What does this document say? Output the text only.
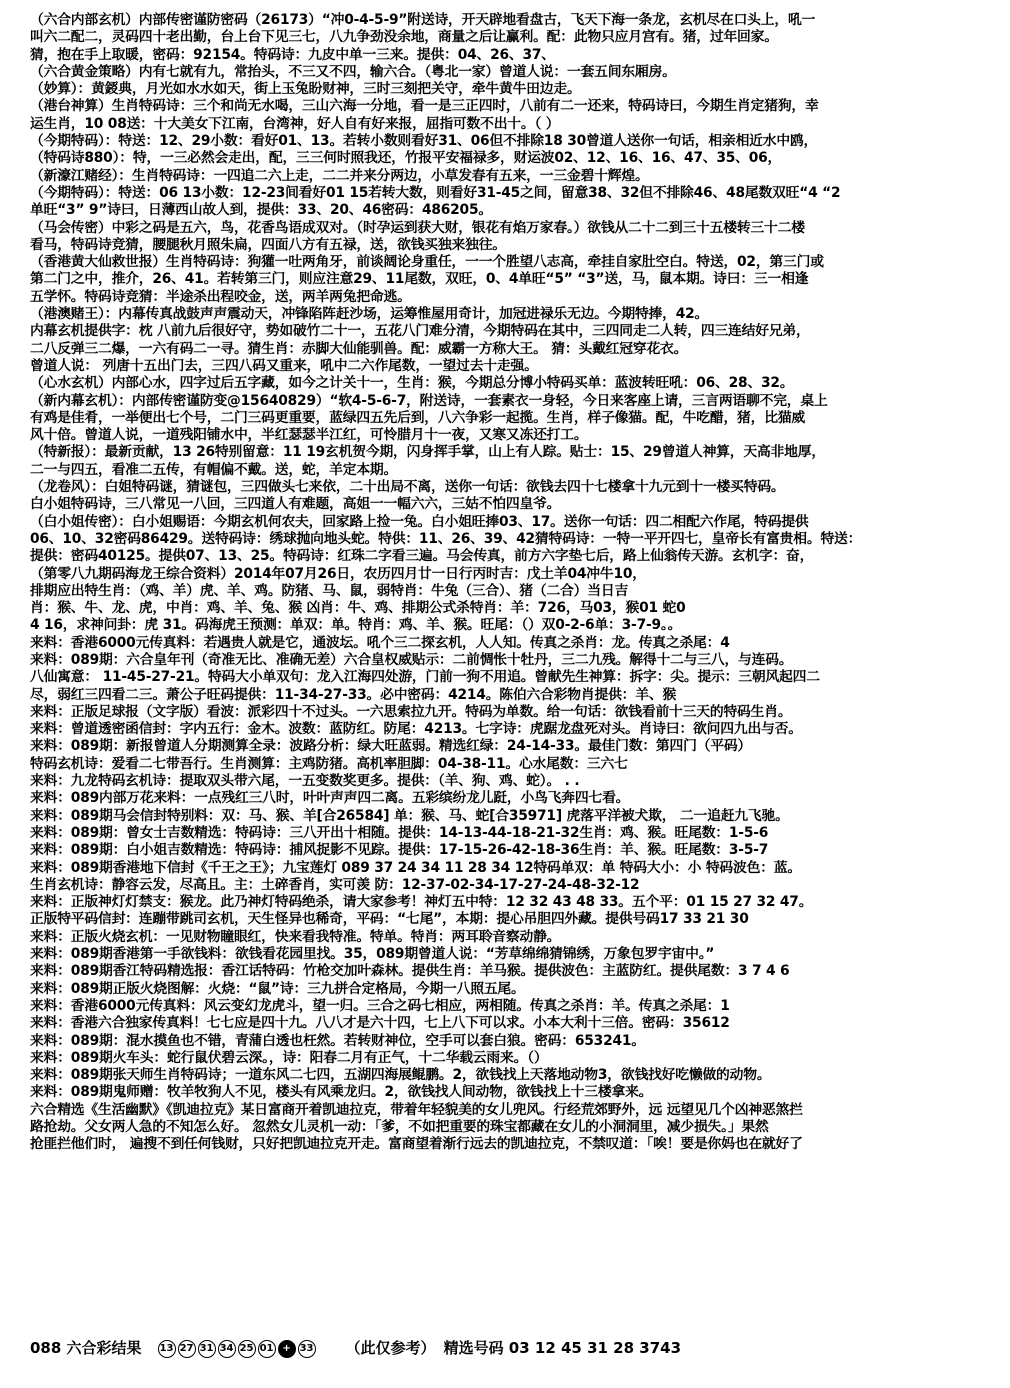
（六合内部玄机）内部传密谨防密码（26173）“冲0-4-5-9”附送诗，开天辟地看盘古，飞天下海一条龙，玄机尽在口头上，吼一
叫六二配二，灵码四十老出勤，台上台下见三七，八九争劲没余地，商量之后让赢利。配：此物只应月宫有。猪，过年回家。
猜，抱在手上取暖，密码：92154。特码诗：九皮中单一三来。提供：04、26、37、
（六合黄金策略）内有七就有九，常抬头，不三又不四，输六合。（粤北一家）曾道人说：一套五间东厢房。
（妙算）：黄鋄典，月光如水水如天，街上玉兔盼财神，三时三刻把关守，牵牛黄牛田边走。
（港台神算）生肖特码诗：三个和尚无水喝，三山六海一分地，看一是三正四时，八前有二一还来，特码诗曰，今期生肖定猪狗，幸
运生肖，10 08送：十大美女下江南，台湾神，好人自有好来报，屈指可数不出十。（ ）
（今期特码）：特送：12、29小数：看好01、13。若转小数则看好31、06但不排除18 30曾道人送你一句话，相亲相近水中鸥，
（特码诗880）：特，一三必然会走出，配，三三何时照我还，竹报平安福禄多，财运波02、12、16、16、47、35、06，
（新濠江赌经）：生肖特码诗：一四追二六上走，二二并来分两边，小草发春有五来，一三金碧十辉煌。
（今期特码）：特送：06 13小数：12-23间看好01 15若转大数，则看好31-45之间，留意38、32但不排除46、48尾数双旺“4 “2
单旺“3” 9”诗曰，日薄西山故人到，提供：33、20、46密码：486205。
（马会传密）中彩之码是五六，鸟，花香鸟语成双对。（时孕运到获大财，银花有焰万家春。）欲钱从二十二到三十五楼转三十二楼
看马，特码诗竞猜，腰腿秋月照朱扁，四面八方有五禄，送，欲钱买独来独往。
（香港黄大仙救世报）生肖特码诗：狗獾一吐两角牙，前谈阔论身重任，一一个胜望八志高，牵挂自家肚空白。特送，02，第三门或
第二门之中，推介，26、41。若转第三门，则应注意29、11尾数，双旺，0、4单旺“5” “3”送，马，鼠本期。诗曰：三一相逢
五学怀。特码诗竞猜：半途杀出程咬金，送，两羊两兔把命逃。
（港澳赌王）：内幕传真战鼓声声震动天，冲锋陷阵赶沙场，运筹惟屋用奇计，加冠进禄乐无边。今期特捧，42。
内幕玄机提供字：枕 八前九后很好守，势如破竹二十一，五花八门难分清，今期特码在其中，三四同走二人转，四三连结好兄弟，
二八反弹三二爆，一六有码二一寻。猜生肖：赤脚大仙能驯兽。配：威霸一方称大王。 猜：头戴红冠穿花衣。
曾道人说： 列唐十五出门去，三四八码又重来，吼中二六作尾数，一望过去十走强。
（心水玄机）内部心水，四字过后五字藏，如今之计关十一，生肖：猴，今期总分博小特码买单：蓝波转旺吼：06、28、32。
（新内幕玄机）：内部传密谨防变@15640829）“软4-5-6-7，附送诗，一套素衣一身轻，今日来客座上请，三言两语聊不完，桌上
有鸡是佳肴，一举便出七个号，二门三码更重要，蓝绿四五先后到，八六争彩一起揽。生肖，样子像猫。配，牛吃醋，猪，比猫威
风十倍。曾道人说，一道残阳铺水中，半红瑟瑟半江红，可怜腊月十一夜，又寒又冻还打工。
（特新报）：最新贡献，13 26特别留意：11 19玄机贺今期，闪身挥手掌，山上有人踪。贴士：15、29曾道人神算，天高非地厚，
二一与四五，看准二五传，有帽偏不戴。送，蛇，羊定本期。
（龙卷风）：白姐特码谜，猜谜包，三四做头七来依，二十出局不离，送你一句话：欲钱去四十七楼拿十九元到十一楼买特码。
白小姐特码诗，三八常见一八回，三四道人有难题，高姐一一幅六六，三姑不怕四皇爷。
（白小姐传密）：白小姐赐语：今期玄机何农夫，回家路上捡一兔。白小姐旺捧03、17。送你一句话：四二相配六作尾，特码提供
06、10、32密码86429。送特码诗：绣球抛向地头蛇。特供：11、26、39、42猜特码诗：一特一平开四七，皇帝长有富贵相。特送：
提供：密码40125。提供07、13、25。特码诗：红珠二字看三遍。马会传真，前方六字垫七后，路上仙翁传天游。玄机字：奋，
（第零八九期码海龙王综合资料）2014年07月26日，农历四月廿一日行丙时吉：戊土羊04冲牛10，
排期应出特生肖：（鸡、羊）虎、羊、鸡。防猪、马、鼠，弱特肖：牛兔（三合）、猪（二合）当日吉
肖：猴、牛、龙、虎，中肖：鸡、羊、兔、猴 凶肖：牛、鸡、排期公式杀特肖：羊：726，马03，猴01 蛇0
4 16，求神问卦：虎 31。码海虎王预测：单双：单。特肖：鸡、羊、猴。旺尾：（）双0-2-6单：3-7-9。。
来料：香港6000元传真料：若遇贵人就是它，通波坛。吼个三二探玄机，人人知。传真之杀肖：龙。传真之杀尾：4
来料：089期：六合皇年刊（奇准无比、准确无差）六合皇权威贴示：二前惆怅十牡丹，三二九残。解得十二与三八，与连码。
八仙寓意： 11-45-27-21。特码大小单双句：龙入江海四处游，门前一狗不用追。曾献先生神算：拆字：尖。提示：三朝风起四二
尽，弱红三四看二三。萧公子旺码提供：11-34-27-33。必中密码：4214。陈伯六合彩物肖提供：羊、猴
来料：正版足球报（文字版）看波：派彩四十不过头。一六思索拉九开。特码为单数。给一句话：欲钱看前十三天的特码生肖。
来料：曾道透密函信封：字内五行：金木。波数：蓝防红。防尾：4213。七字诗：虎踞龙盘死对头。肖诗曰：欲问四九出与否。
来料：089期：新报曾道人分期测算全录：波路分析：绿大旺蓝弱。精选红绿：24-14-33。最佳门数：第四门（平码）
特码玄机诗：爱看二七带吾行。生肖测算：主鸡防猪。高机率胆脚：04-38-11。心水尾数：三六七
来料：九龙特码玄机诗：提取双头带六尾，一五变数奖更多。提供：（羊、狗、鸡、蛇）。 . .
来料：089内部万花来料：一点残红三八时，叶叶声声四二离。五彩缤纷龙儿跹，小鸟飞奔四七看。
来料：089期马会信封特别料：双：马、猴、羊[合26584] 单：猴、马、蛇[合35971] 虎落平洋被犬欺， 二一追赶九飞驰。
来料：089期：曾女士吉数精选：特码诗：三八开出十相随。提供：14-13-44-18-21-32生肖：鸡、猴。旺尾数：1-5-6
来料：089期：白小姐吉数精选：特码诗：捕风捉影不见踪。提供：17-15-26-42-18-36生肖：羊、猴。旺尾数：3-5-7
来料：089期香港地下信封《千王之王》；九宝莲灯 089 37 24 34 11 28 34 12特码单双：单 特码大小：小 特码波色：蓝。
生肖玄机诗：静容云发，尽高且。主：土碎香肖，实可羡 防：12-37-02-34-17-27-24-48-32-12
来料：正版神灯灯禁支：猴龙。此乃神灯特码绝杀，请大家参考！神灯五中特：12 32 43 48 33。五个平：01 15 27 32 47。
正版特平码信封：连蹦带跳司玄机，天生怪异也稀奇，平码：“七尾”，本期：提心吊胆四外藏。提供号码17 33 21 30
来料：正版火烧玄机：一见财物瞳眼红，快来看我特准。特单。特肖：两耳聆音察动静。
来料：089期香港第一手欲钱料：欲钱看花园里找。35，089期曾道人说：“芳草绵绵猜锦绣，万象包罗宇宙中。”
来料：089期香江特码精选报：香江话特码：竹枪交加叶森林。提供生肖：羊马猴。提供波色：主蓝防红。提供尾数：3 7 4 6
来料：089期正版火烧图解：火烧：“鼠”诗：三九拼合定格局，今期一八照五尾。
来料：香港6000元传真料：风云变幻龙虎斗，望一归。三合之码七相应，两相随。传真之杀肖：羊。传真之杀尾：1
来料：香港六合独家传真料！七七应是四十九。八八才是六十四，七上八下可以求。小本大利十三倍。密码：35612
来料：089期：混水摸鱼也不错，青蒲白透也枉然。若转财神位，空手可以套白狼。密码：653241。
来料：089期火车头：蛇行鼠伏碧云深。，诗：阳春二月有正气，十二华载云雨来。（）
来料：089期张天师生肖特码诗；一道东风二七四，五湖四海展鲲鹏。2，欲钱找上天落地动物3，欲钱找好吃懒做的动物。
来料：089期鬼师赠：牧羊牧狗人不见，楼头有风乘龙归。2，欲钱找人间动物，欲钱找上十三楼拿来。
六合精选《生活幽默》《凯迪拉克》某日富商开着凯迪拉克，带着年轻貌美的女儿兜风。行经荒郊野外，远 远望见几个凶神恶煞拦
路抢劫。父女两人急的不知怎么好。 忽然女儿灵机一动：「爹，不如把重要的珠宝都藏在女儿的小洞洞里，减少损失。」果然
抢匪拦他们时， 遍搜不到任何钱财，只好把凯迪拉克开走。富商望着渐行远去的凯迪拉克，不禁叹道：「唉！要是你妈也在就好了
088 六合彩结果 13 27 31 34 25 01 + 33 （此仅参考） 精选号码 03 12 45 31 28 3743
